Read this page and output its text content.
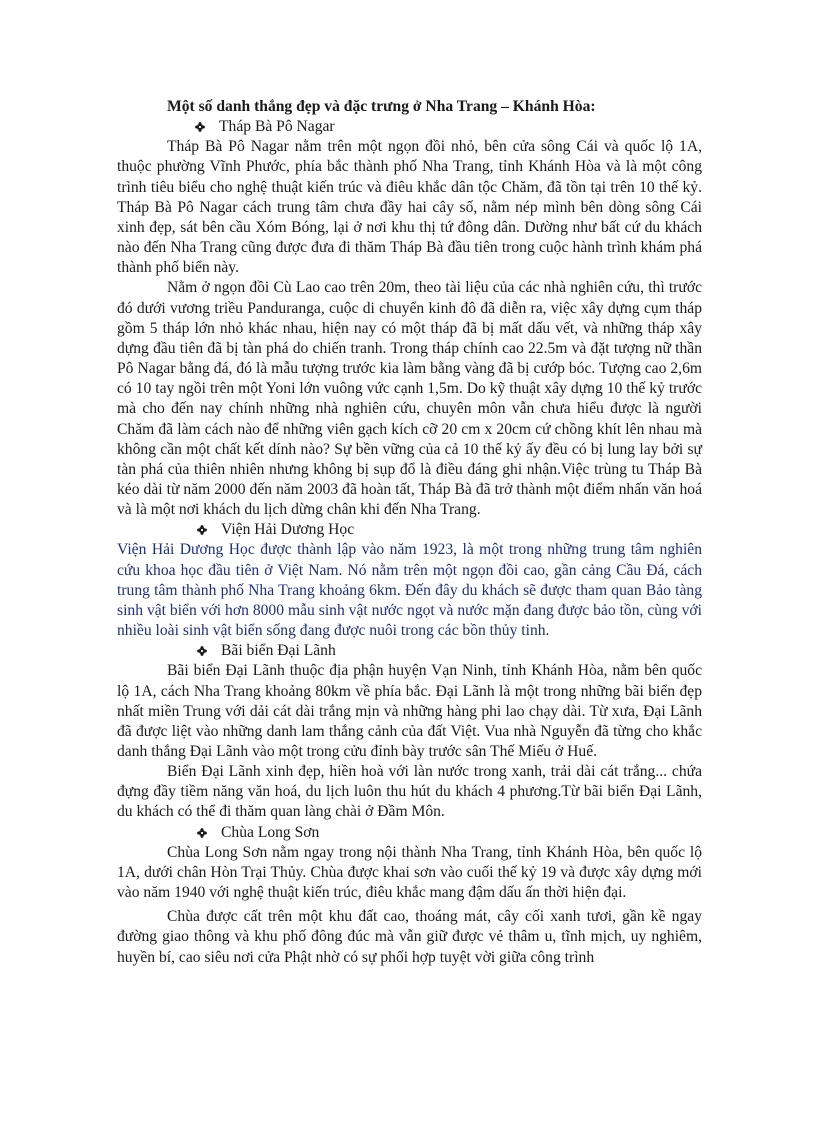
Một số danh thắng đẹp và đặc trưng ở Nha Trang – Khánh Hòa:

Tháp Bà Pô Nagar

Tháp Bà Pô Nagar nằm trên một ngọn đồi nhỏ, bên cửa sông Cái và quốc lộ 1A, thuộc phường Vĩnh Phước, phía bắc thành phố Nha Trang, tỉnh Khánh Hòa và là một công trình tiêu biểu cho nghệ thuật kiến trúc và điêu khắc dân tộc Chăm, đã tồn tại trên 10 thế kỷ. Tháp Bà Pô Nagar cách trung tâm chưa đầy hai cây số, nằm nép mình bên dòng sông Cái xinh đẹp, sát bên cầu Xóm Bóng, lại ở nơi khu thị tứ đông dân. Dường như bất cứ du khách nào đến Nha Trang cũng được đưa đi thăm Tháp Bà đầu tiên trong cuộc hành trình khám phá thành phố biển này.

Nằm ở ngọn đồi Cù Lao cao trên 20m, theo tài liệu của các nhà nghiên cứu, thì trước đó dưới vương triều Panduranga, cuộc di chuyển kinh đô đã diễn ra, việc xây dựng cụm tháp gồm 5 tháp lớn nhỏ khác nhau, hiện nay có một tháp đã bị mất dấu vết, và những tháp xây dựng đầu tiên đã bị tàn phá do chiến tranh. Trong tháp chính cao 22.5m và đặt tượng nữ thần Pô Nagar bằng đá, đó là mẫu tượng trước kia làm bằng vàng đã bị cướp bóc. Tượng cao 2,6m có 10 tay ngồi trên một Yoni lớn vuông vức cạnh 1,5m. Do kỹ thuật xây dựng 10 thế kỷ trước mà cho đến nay chính những nhà nghiên cứu, chuyên môn vẫn chưa hiểu được là người Chăm đã làm cách nào để những viên gạch kích cỡ 20 cm x 20cm cứ chồng khít lên nhau mà không cần một chất kết dính nào? Sự bền vững của cả 10 thế kỷ ấy đều có bị lung lay bởi sự tàn phá của thiên nhiên nhưng không bị sụp đổ là điều đáng ghi nhận.Việc trùng tu Tháp Bà kéo dài từ năm 2000 đến năm 2003 đã hoàn tất, Tháp Bà đã trở thành một điểm nhấn văn hoá và là một nơi khách du lịch dừng chân khi đến Nha Trang.

Viện Hải Dương Học

Viện Hải Dương Học được thành lập vào năm 1923, là một trong những trung tâm nghiên cứu khoa học đầu tiên ở Việt Nam. Nó nằm trên một ngọn đồi cao, gần cảng Cầu Đá, cách trung tâm thành phố Nha Trang khoảng 6km. Đến đây du khách sẽ được tham quan Bảo tàng sinh vật biển với hơn 8000 mẫu sinh vật nước ngọt và nước mặn đang được bảo tồn, cùng với nhiều loài sinh vật biển sống đang được nuôi trong các bồn thủy tinh.

Bãi biển Đại Lãnh

Bãi biển Đại Lãnh thuộc địa phận huyện Vạn Ninh, tỉnh Khánh Hòa, nằm bên quốc lộ 1A, cách Nha Trang khoảng 80km về phía bắc. Đại Lãnh là một trong những bãi biển đẹp nhất miền Trung với dải cát dài trắng mịn và những hàng phi lao chạy dài. Từ xưa, Đại Lãnh đã được liệt vào những danh lam thắng cảnh của đất Việt. Vua nhà Nguyễn đã từng cho khắc danh thắng Đại Lãnh vào một trong cửu đỉnh bày trước sân Thế Miếu ở Huế.

Biển Đại Lãnh xinh đẹp, hiền hoà với làn nước trong xanh, trải dài cát trắng... chứa đựng đầy tiềm năng văn hoá, du lịch luôn thu hút du khách 4 phương.Từ bãi biển Đại Lãnh, du khách có thể đi thăm quan làng chài ở Đầm Môn.

Chùa Long Sơn

Chùa Long Sơn nằm ngay trong nội thành Nha Trang, tỉnh Khánh Hòa, bên quốc lộ 1A, dưới chân Hòn Trại Thủy. Chùa được khai sơn vào cuối thế kỷ 19 và được xây dựng mới vào năm 1940 với nghệ thuật kiến trúc, điêu khắc mang đậm dấu ấn thời hiện đại.

Chùa được cất trên một khu đất cao, thoáng mát, cây cối xanh tươi, gần kề ngay đường giao thông và khu phố đông đúc mà vẫn giữ được vẻ thâm u, tĩnh mịch, uy nghiêm, huyền bí, cao siêu nơi cửa Phật nhờ có sự phối hợp tuyệt vời giữa công trình
